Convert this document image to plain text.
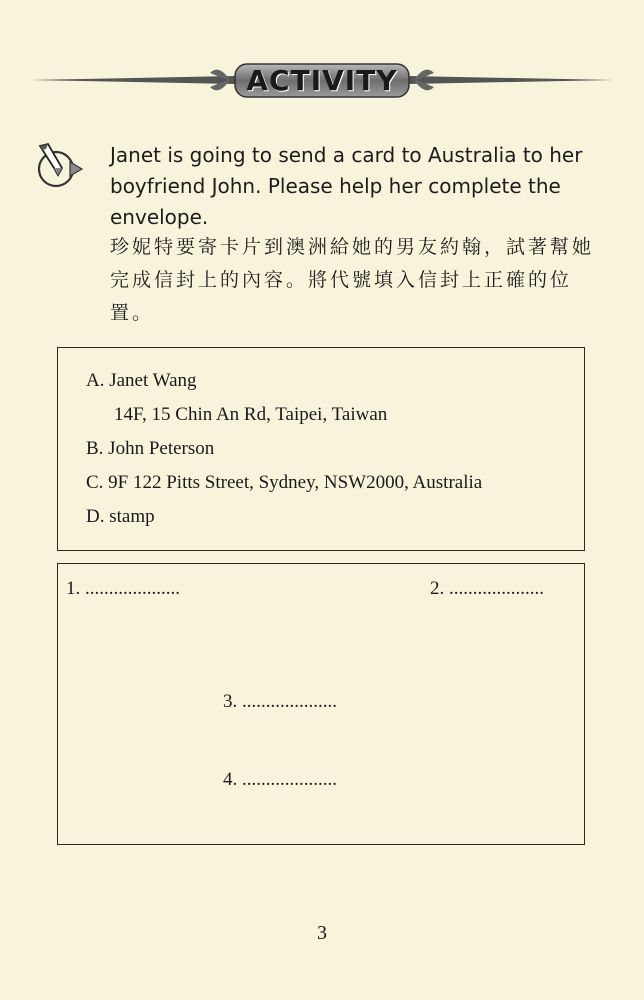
ACTIVITY
Janet is going to send a card to Australia to her boyfriend John. Please help her complete the envelope.
珍妮特要寄卡片到澳洲給她的男友約翰，試著幫她完成信封上的內容。將代號填入信封上正確的位置。
A. Janet Wang
14F, 15 Chin An Rd, Taipei, Taiwan
B. John Peterson
C. 9F 122 Pitts Street, Sydney, NSW2000, Australia
D. stamp
1. ....................	2. ....................
3. ....................
4. ....................
3
